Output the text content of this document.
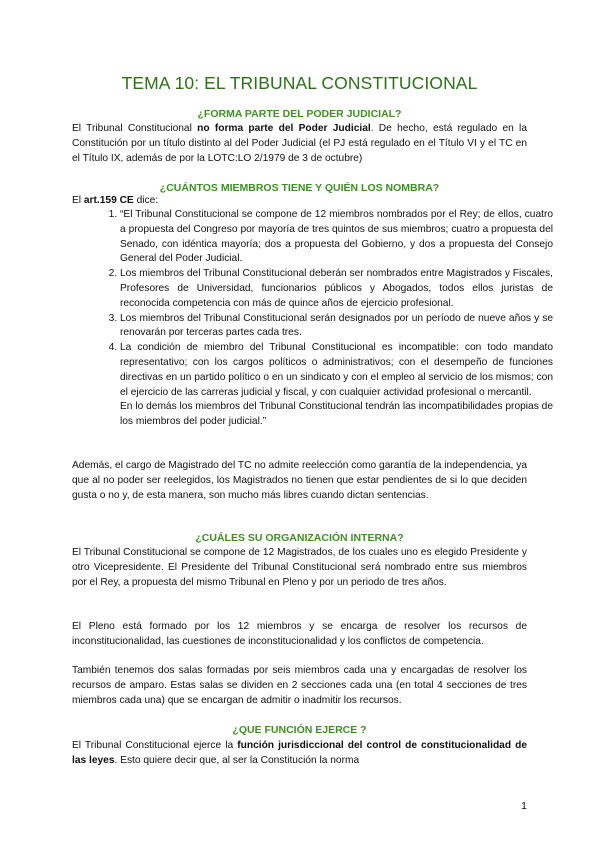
TEMA 10: EL TRIBUNAL CONSTITUCIONAL
¿FORMA PARTE DEL PODER JUDICIAL?

El Tribunal Constitucional no forma parte del Poder Judicial. De hecho, está regulado en la Constitución por un título distinto al del Poder Judicial (el PJ está regulado en el Título VI y el TC en el Título IX, además de por la LOTC:LO 2/1979 de 3 de octubre)

¿CUÁNTOS MIEMBROS TIENE Y QUIÉN LOS NOMBRA?

El art.159 CE dice:

1. “El Tribunal Constitucional se compone de 12 miembros nombrados por el Rey; de ellos, cuatro a propuesta del Congreso por mayoría de tres quintos de sus miembros; cuatro a propuesta del Senado, con idéntica mayoría; dos a propuesta del Gobierno, y dos a propuesta del Consejo General del Poder Judicial.
2. Los miembros del Tribunal Constitucional deberán ser nombrados entre Magistrados y Fiscales, Profesores de Universidad, funcionarios públicos y Abogados, todos ellos juristas de reconocida competencia con más de quince años de ejercicio profesional.
3. Los miembros del Tribunal Constitucional serán designados por un período de nueve años y se renovarán por terceras partes cada tres.
4. La condición de miembro del Tribunal Constitucional es incompatible: con todo mandato representativo; con los cargos políticos o administrativos; con el desempeño de funciones directivas en un partido político o en un sindicato y con el empleo al servicio de los mismos; con el ejercicio de las carreras judicial y fiscal, y con cualquier actividad profesional o mercantil.
En lo demás los miembros del Tribunal Constitucional tendrán las incompatibilidades propias de los miembros del poder judicial.”

Además, el cargo de Magistrado del TC no admite reelección como garantía de la independencia, ya que al no poder ser reelegidos, los Magistrados no tienen que estar pendientes de si lo que deciden gusta o no y, de esta manera, son mucho más libres cuando dictan sentencias.

¿CUÁLES SU ORGANIZACIÓN INTERNA?

El Tribunal Constitucional se compone de 12 Magistrados, de los cuales uno es elegido Presidente y otro Vicepresidente. El Presidente del Tribunal Constitucional será nombrado entre sus miembros por el Rey, a propuesta del mismo Tribunal en Pleno y por un periodo de tres años.

El Pleno está formado por los 12 miembros y se encarga de resolver los recursos de inconstitucionalidad, las cuestiones de inconstitucionalidad y los conflictos de competencia.

También tenemos dos salas formadas por seis miembros cada una y encargadas de resolver los recursos de amparo. Estas salas se dividen en 2 secciones cada una (en total 4 secciones de tres miembros cada una) que se encargan de admitir o inadmitir los recursos.

¿QUE FUNCIÓN EJERCE ?

El Tribunal Constitucional ejerce la función jurisdiccional del control de constitucionalidad de las leyes. Esto quiere decir que, al ser la Constitución la norma

1
